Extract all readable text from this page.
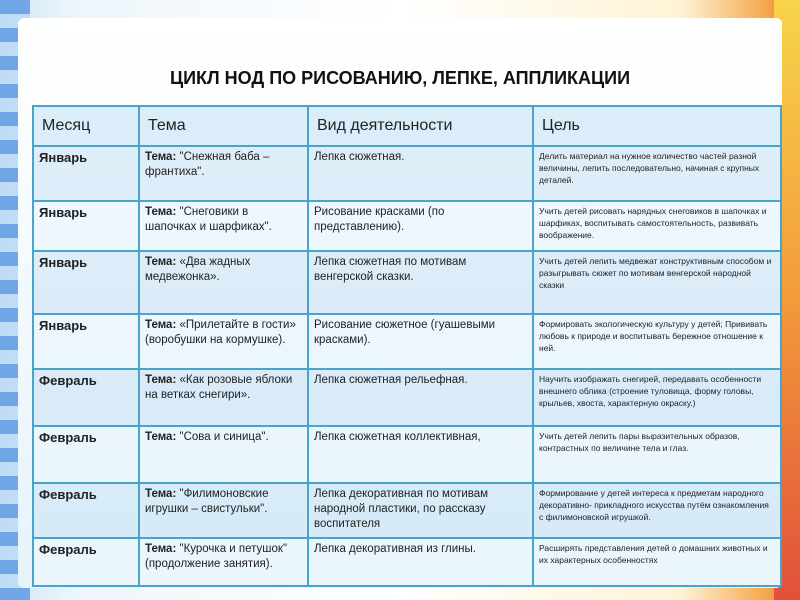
ЦИКЛ НОД ПО РИСОВАНИЮ, ЛЕПКЕ, АППЛИКАЦИИ
Месяц	Тема	Вид деятельности	Цель
Январь	Тема: "Снежная баба – франтиха".	Лепка сюжетная.	Делить материал на нужное количество частей разной величины, лепить последовательно, начиная с крупных деталей.
Январь	Тема: "Снеговики в шапочках и шарфиках".	Рисование красками (по представлению).	Учить детей рисовать нарядных снеговиков в шапочках и шарфиках, воспитывать самостоятельность, развивать воображение.
Январь	Тема: «Два жадных медвежонка».	Лепка сюжетная по мотивам венгерской сказки.	Учить детей лепить медвежат конструктивным способом и разыгрывать сюжет по мотивам венгерской народной сказки
Январь	Тема: «Прилетайте в гости» (воробушки на кормушке).	Рисование сюжетное (гуашевыми красками).	Формировать экологическую культуру у детей; Прививать любовь к природе и воспитывать бережное отношение к ней.
Февраль	Тема: «Как розовые яблоки на ветках снегири».	Лепка сюжетная рельефная.	Научить изображать снегирей, передавать особенности внешнего облика (строение туловища, форму головы, крыльев, хвоста, характерную окраску.)
Февраль	Тема: "Сова и синица".	Лепка сюжетная коллективная,	Учить детей лепить пары выразительных образов, контрастных по величине тела и глаз.
Февраль	Тема: "Филимоновские игрушки – свистульки".	Лепка декоративная по мотивам народной пластики, по рассказу воспитателя	Формирование у детей интереса к предметам народного декоративно- прикладного искусства путём ознакомления с филимоновской игрушкой.
Февраль	Тема: "Курочка и петушок" (продолжение занятия).	Лепка декоративная из глины.	Расширять представления детей о домашних животных и их характерных особенностях
